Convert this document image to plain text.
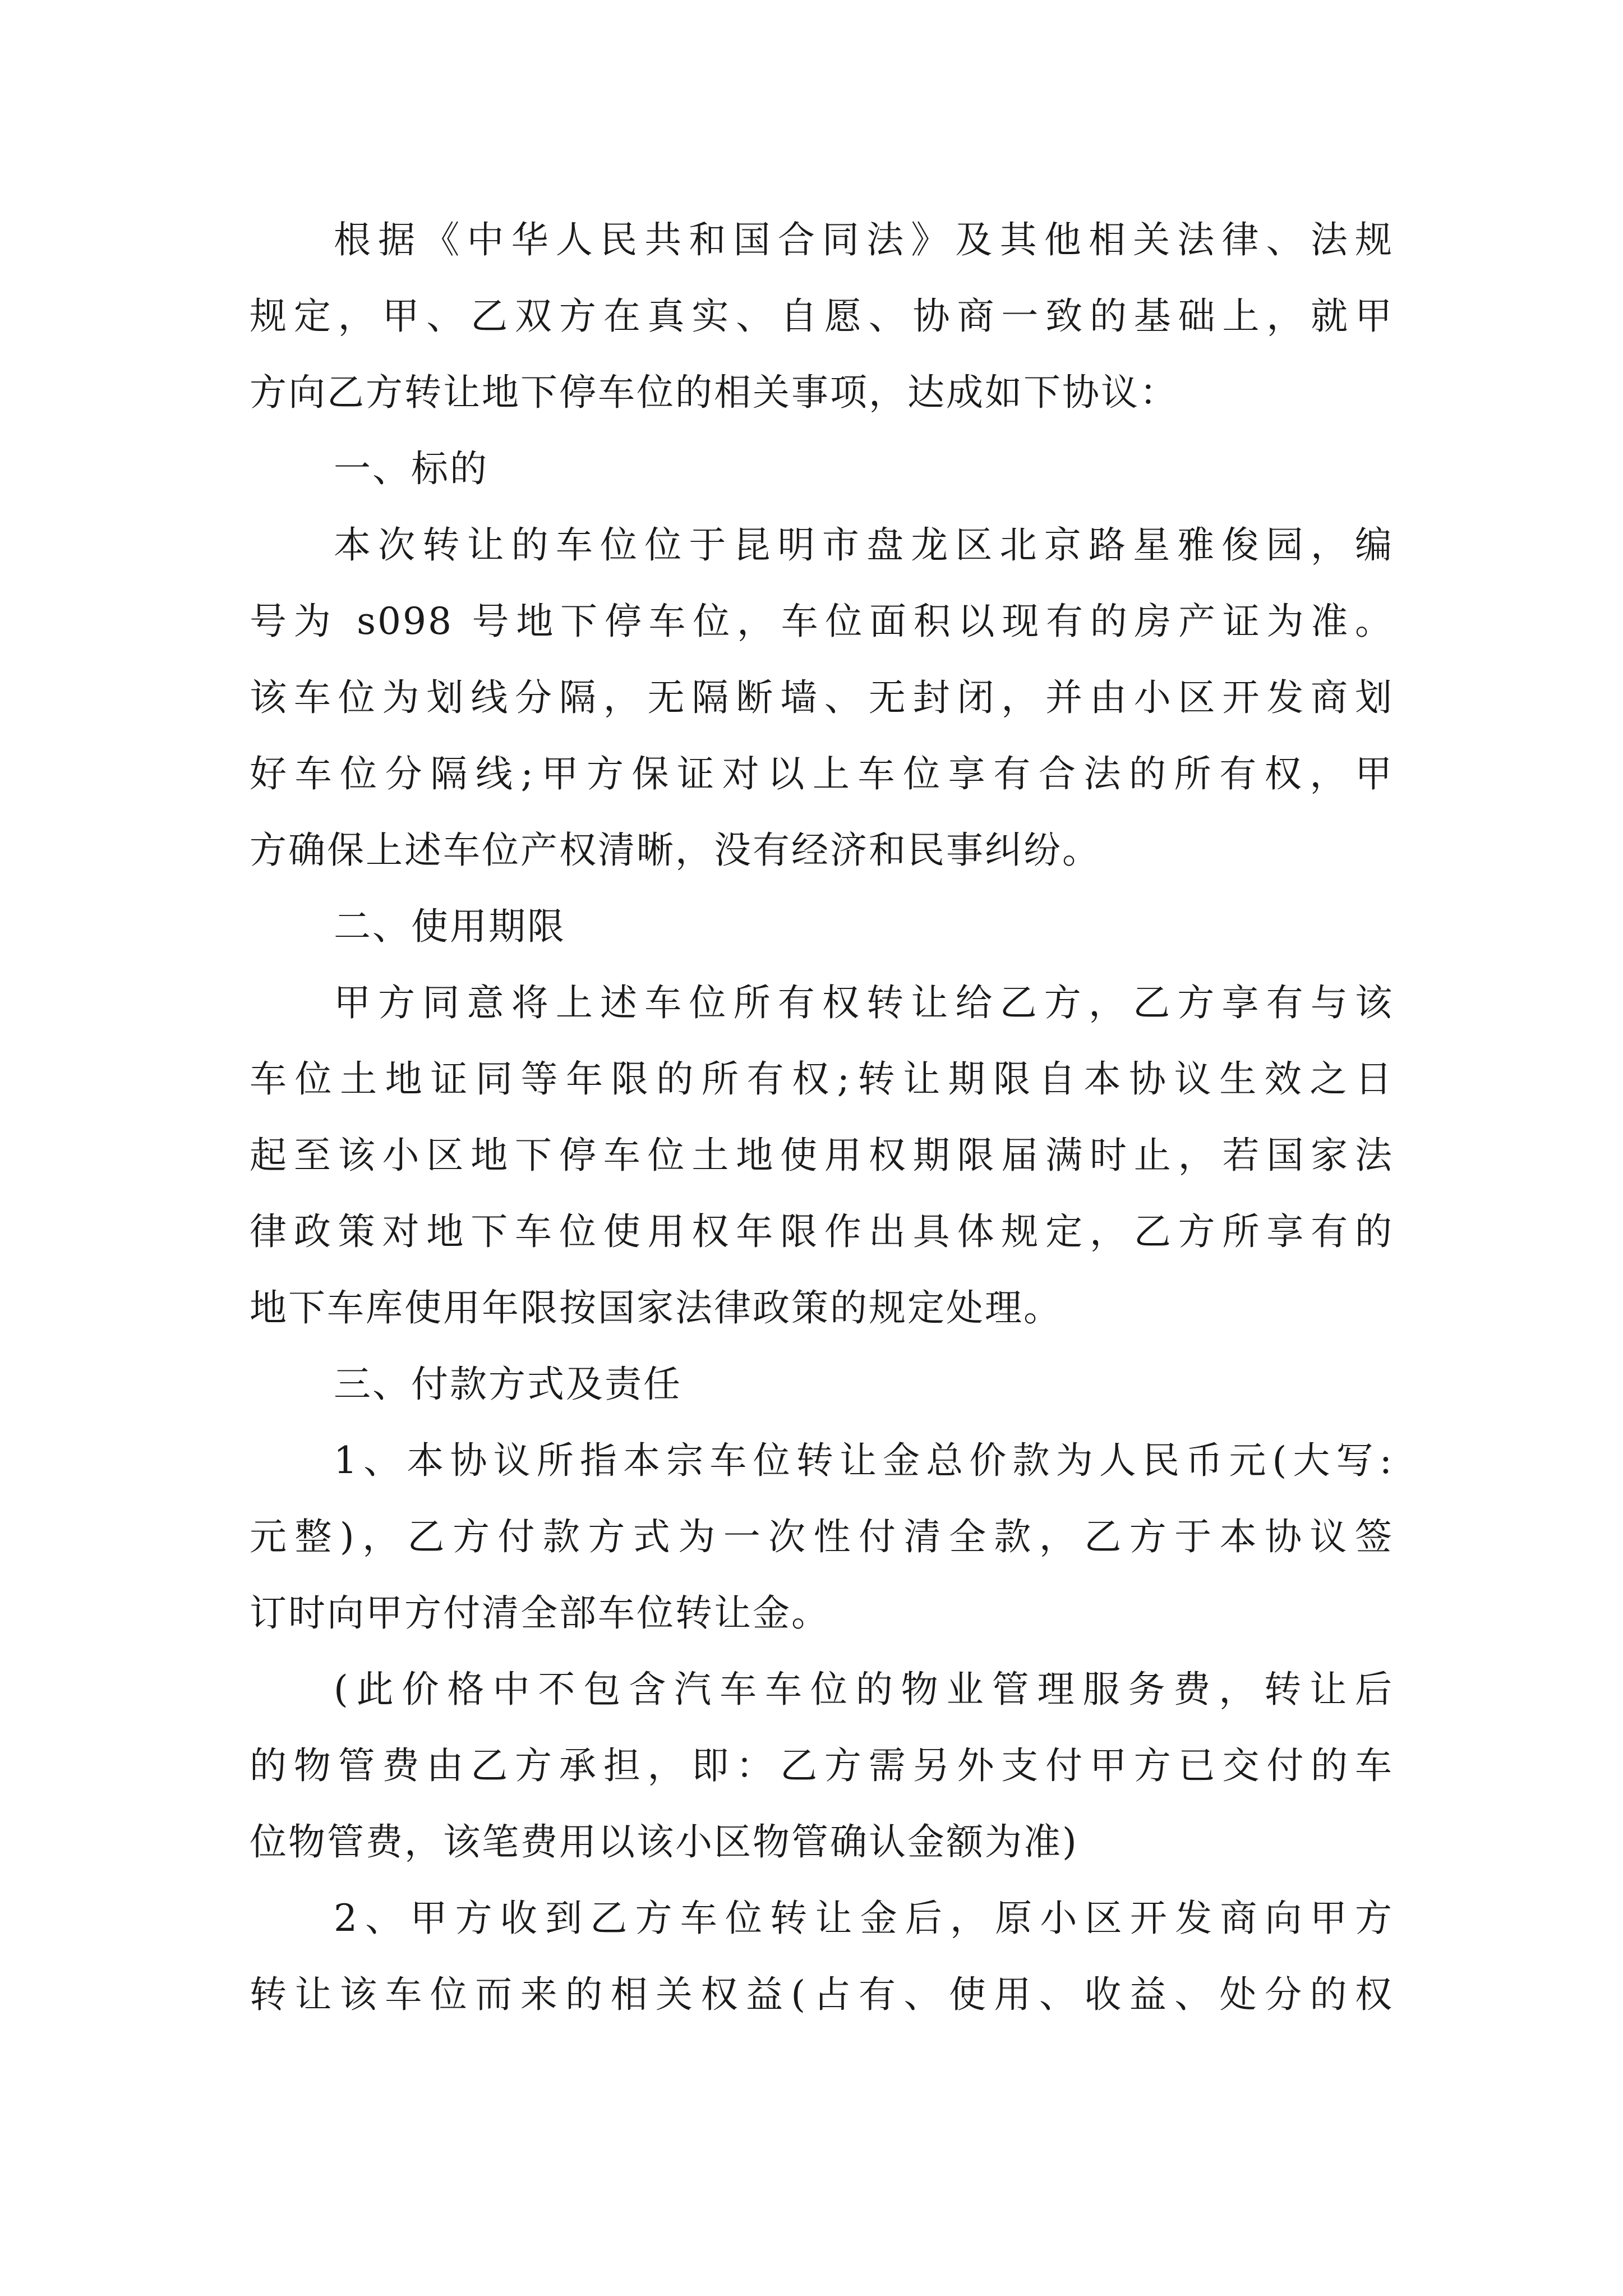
根据《中华人民共和国合同法》及其他相关法律、法规
规定，甲、乙双方在真实、自愿、协商一致的基础上，就甲
方向乙方转让地下停车位的相关事项，达成如下协议：

一、标的

本次转让的车位位于昆明市盘龙区北京路星雅俊园，编
号为 s098 号地下停车位，车位面积以现有的房产证为准。
该车位为划线分隔，无隔断墙、无封闭，并由小区开发商划
好车位分隔线;甲方保证对以上车位享有合法的所有权，甲
方确保上述车位产权清晰，没有经济和民事纠纷。

二、使用期限

甲方同意将上述车位所有权转让给乙方，乙方享有与该
车位土地证同等年限的所有权;转让期限自本协议生效之日
起至该小区地下停车位土地使用权期限届满时止，若国家法
律政策对地下车位使用权年限作出具体规定，乙方所享有的
地下车库使用年限按国家法律政策的规定处理。

三、付款方式及责任

1、本协议所指本宗车位转让金总价款为人民币元(大写:
元整)，乙方付款方式为一次性付清全款，乙方于本协议签
订时向甲方付清全部车位转让金。

(此价格中不包含汽车车位的物业管理服务费，转让后
的物管费由乙方承担，即：乙方需另外支付甲方已交付的车
位物管费，该笔费用以该小区物管确认金额为准)

2、甲方收到乙方车位转让金后，原小区开发商向甲方
转让该车位而来的相关权益(占有、使用、收益、处分的权
